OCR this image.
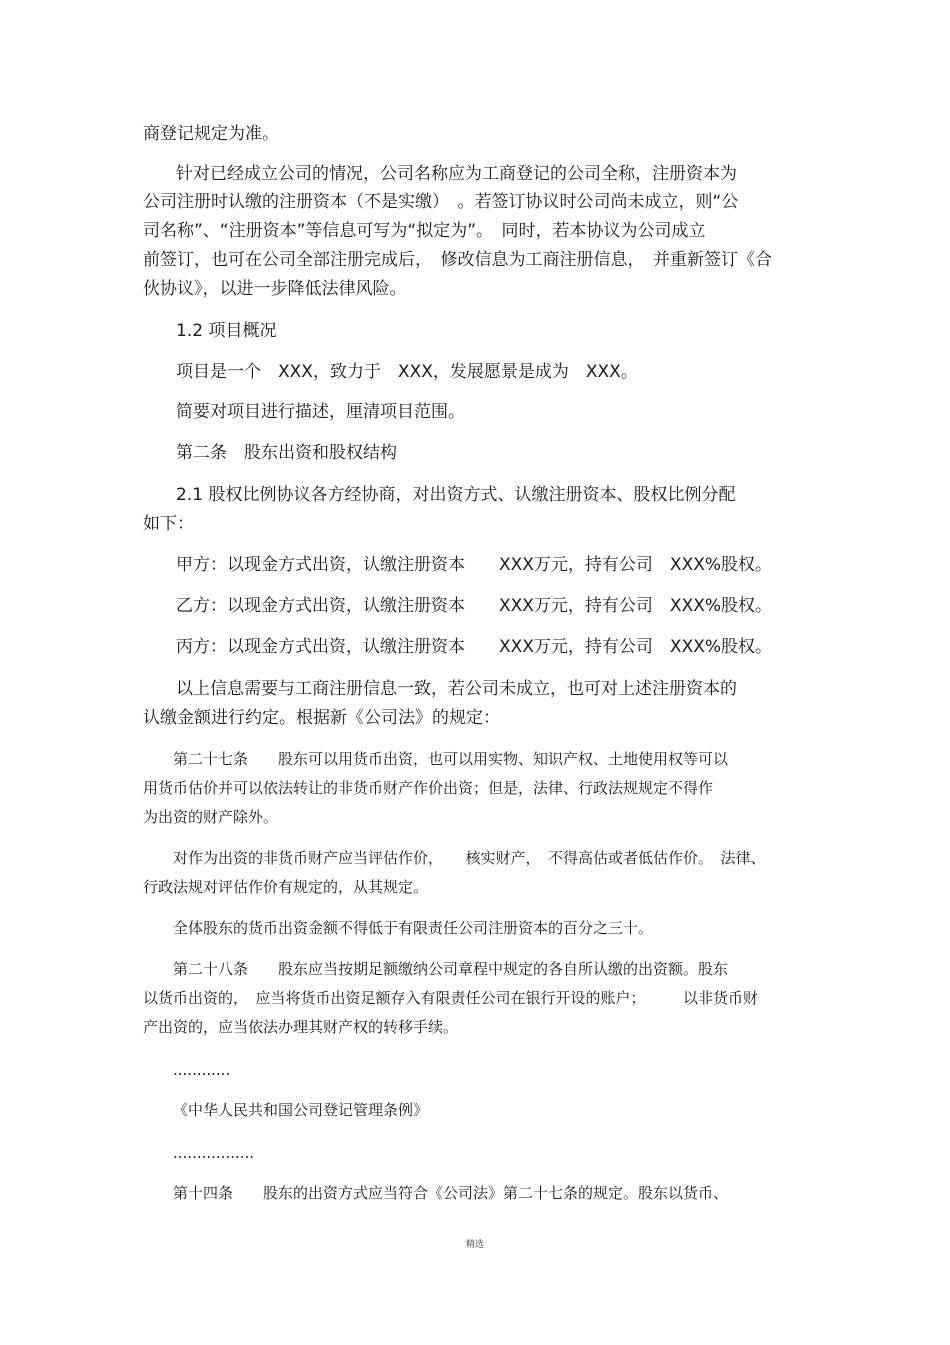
商登记规定为准。
针对已经成立公司的情况，公司名称应为工商登记的公司全称，注册资本为
公司注册时认缴的注册资本（不是实缴）　。若签订协议时公司尚未成立，则“公
司名称”、“注册资本”等信息可写为“拟定为”。　同时，若本协议为公司成立
前签订，也可在公司全部注册完成后，　修改信息为工商注册信息，　并重新签订《合
伙协议》，以进一步降低法律风险。
1.2 项目概况
项目是一个　XXX，致力于　XXX，发展愿景是成为　XXX。
简要对项目进行描述，厘清项目范围。
第二条　股东出资和股权结构
2.1 股权比例协议各方经协商，对出资方式、认缴注册资本、股权比例分配
如下：
甲方：以现金方式出资，认缴注册资本　　XXX万元，持有公司　XXX%股权。
乙方：以现金方式出资，认缴注册资本　　XXX万元，持有公司　XXX%股权。
丙方：以现金方式出资，认缴注册资本　　XXX万元，持有公司　XXX%股权。
以上信息需要与工商注册信息一致，若公司未成立，也可对上述注册资本的
认缴金额进行约定。根据新《公司法》的规定：
第二十七条　　股东可以用货币出资，也可以用实物、知识产权、土地使用权等可以
用货币估价并可以依法转让的非货币财产作价出资；但是，法律、行政法规规定不得作
为出资的财产除外。
对作为出资的非货币财产应当评估作价，　　核实财产，　不得高估或者低估作价。　法律、
行政法规对评估作价有规定的，从其规定。
全体股东的货币出资金额不得低于有限责任公司注册资本的百分之三十。
第二十八条　　股东应当按期足额缴纳公司章程中规定的各自所认缴的出资额。股东
以货币出资的，　应当将货币出资足额存入有限责任公司在银行开设的账户；　　　以非货币财
产出资的，应当依法办理其财产权的转移手续。
............
《中华人民共和国公司登记管理条例》
.................
第十四条　　股东的出资方式应当符合《公司法》第二十七条的规定。股东以货币、
精选
